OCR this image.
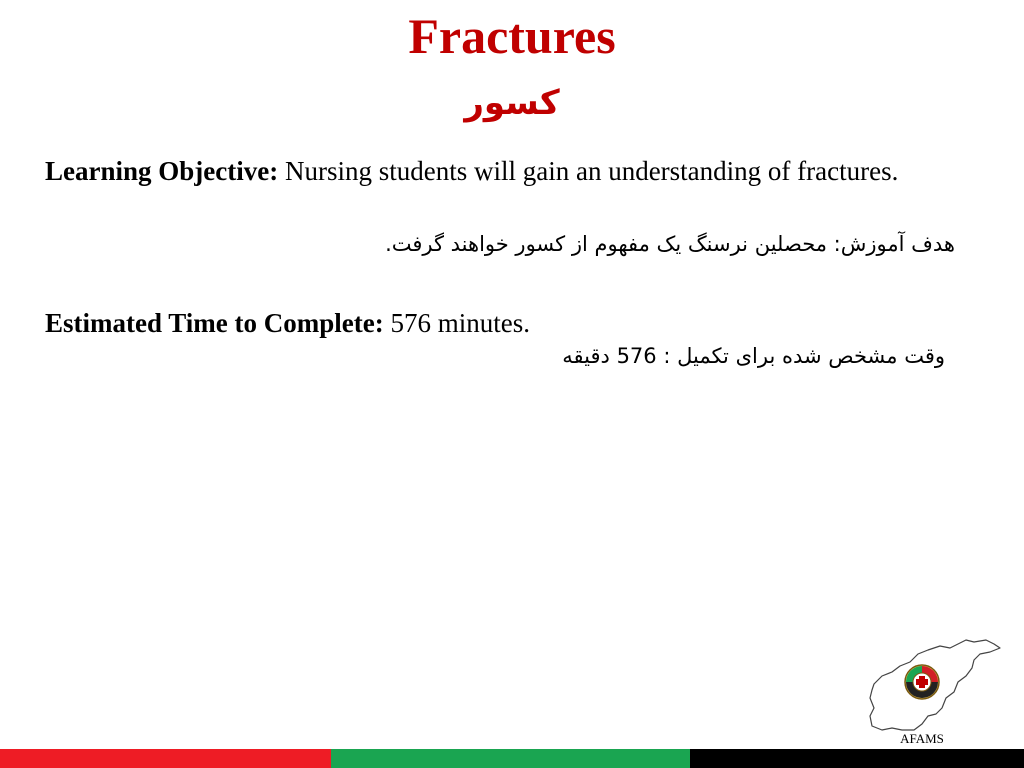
Fractures
کسور
Learning Objective: Nursing students will gain an understanding of fractures.
هدف آموزش: محصلین نرسنگ یک مفهوم از کسور خواهند گرفت.
Estimated Time to Complete: 576 minutes.
وقت مشخص شده برای تکمیل : 576 دقیقه
AFAMS
